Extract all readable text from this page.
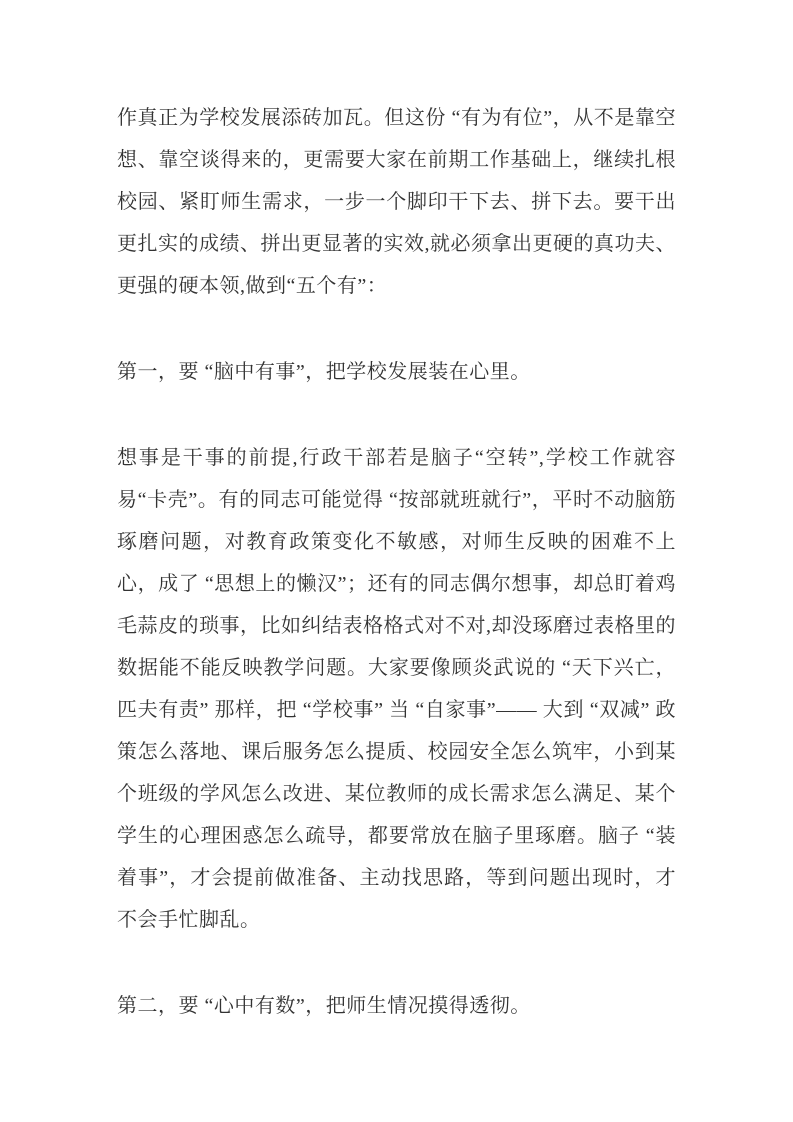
作真正为学校发展添砖加瓦。但这份 “有为有位”，从不是靠空想、靠空谈得来的，更需要大家在前期工作基础上，继续扎根校园、紧盯师生需求，一步一个脚印干下去、拼下去。要干出更扎实的成绩、拼出更显著的实效,就必须拿出更硬的真功夫、更强的硬本领,做到“五个有”：

第一，要 “脑中有事”，把学校发展装在心里。

想事是干事的前提,行政干部若是脑子“空转”,学校工作就容易“卡壳”。有的同志可能觉得 “按部就班就行”，平时不动脑筋琢磨问题，对教育政策变化不敏感，对师生反映的困难不上心，成了 “思想上的懒汉”；还有的同志偶尔想事，却总盯着鸡毛蒜皮的琐事，比如纠结表格格式对不对,却没琢磨过表格里的数据能不能反映教学问题。大家要像顾炎武说的 “天下兴亡，匹夫有责” 那样，把 “学校事” 当 “自家事”—— 大到 “双减” 政策怎么落地、课后服务怎么提质、校园安全怎么筑牢，小到某个班级的学风怎么改进、某位教师的成长需求怎么满足、某个学生的心理困惑怎么疏导，都要常放在脑子里琢磨。脑子 “装着事”，才会提前做准备、主动找思路，等到问题出现时，才不会手忙脚乱。

第二，要 “心中有数”，把师生情况摸得透彻。
